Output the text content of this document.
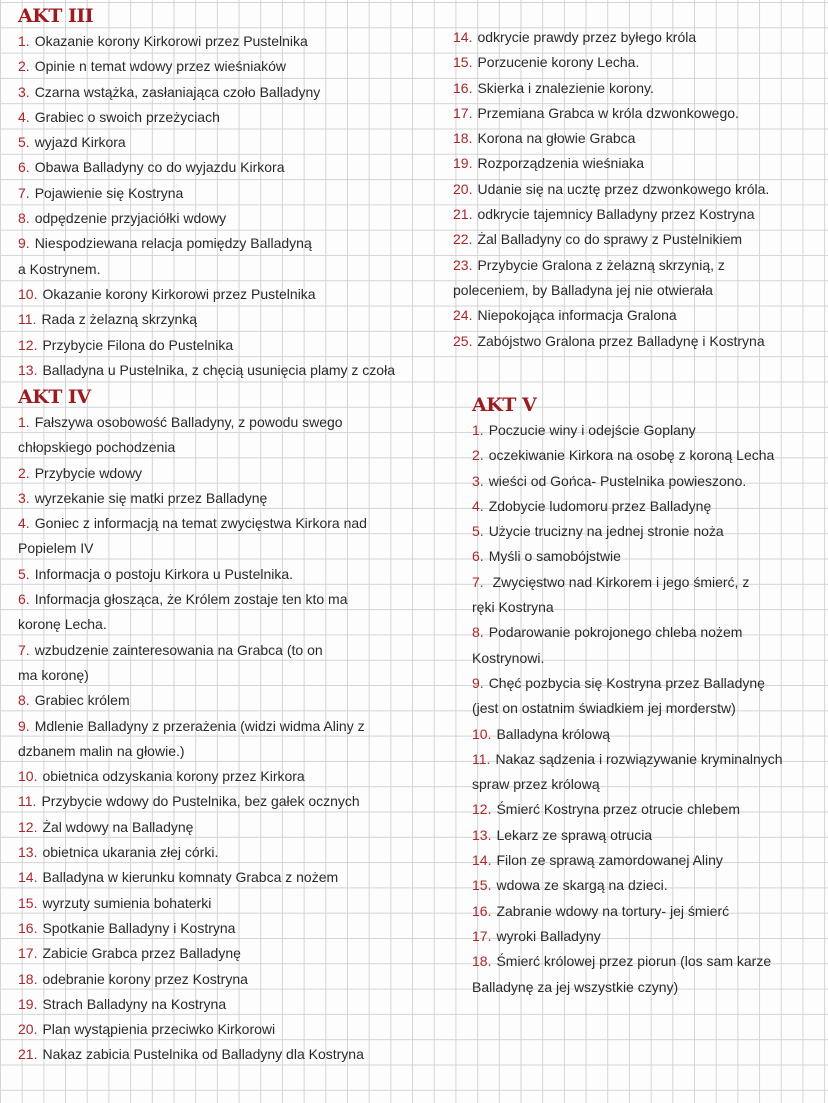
AKT III
1. Okazanie korony Kirkorowi przez Pustelnika
2. Opinie n temat wdowy przez wieśniaków
3. Czarna wstążka, zasłaniająca czoło Balladyny
4. Grabiec o swoich przeżyciach
5. wyjazd Kirkora
6. Obawa Balladyny co do wyjazdu Kirkora
7. Pojawienie się Kostryna
8. odpędzenie przyjaciółki wdowy
9. Niespodziewana relacja pomiędzy Balladyną
a Kostrynem.
10. Okazanie korony Kirkorowi przez Pustelnika
11. Rada z żelazną skrzynką
12. Przybycie Filona do Pustelnika
13. Balladyna u Pustelnika, z chęcią usunięcia plamy z czoła
14. odkrycie prawdy przez byłego króla
15. Porzucenie korony Lecha.
16. Skierka i znalezienie korony.
17. Przemiana Grabca w króla dzwonkowego.
18. Korona na głowie Grabca
19. Rozporządzenia wieśniaka
20. Udanie się na ucztę przez dzwonkowego króla.
21. odkrycie tajemnicy Balladyny przez Kostryna
22. Żal Balladyny co do sprawy z Pustelnikiem
23. Przybycie Gralona z żelazną skrzynią, z
poleceniem, by Balladyna jej nie otwierała
24. Niepokojąca informacja Gralona
25. Zabójstwo Gralona przez Balladynę i Kostryna
AKT IV
1. Fałszywa osobowość Balladyny, z powodu swego
chłopskiego pochodzenia
2. Przybycie wdowy
3. wyrzekanie się matki przez Balladynę
4. Goniec z informacją na temat zwycięstwa Kirkora nad
Popielem IV
5. Informacja o postoju Kirkora u Pustelnika.
6. Informacja głosząca, że Królem zostaje ten kto ma
koronę Lecha.
7. wzbudzenie zainteresowania na Grabca (to on
ma koronę)
8. Grabiec królem
9. Mdlenie Balladyny z przerażenia (widzi widma Aliny z
dzbanem malin na głowie.)
10. obietnica odzyskania korony przez Kirkora
11. Przybycie wdowy do Pustelnika, bez gałek ocznych
12. Żal wdowy na Balladynę
13. obietnica ukarania złej córki.
14. Balladyna w kierunku komnaty Grabca z nożem
15. wyrzuty sumienia bohaterki
16. Spotkanie Balladyny i Kostryna
17. Zabicie Grabca przez Balladynę
18. odebranie korony przez Kostryna
19. Strach Balladyny na Kostryna
20. Plan wystąpienia przeciwko Kirkorowi
21. Nakaz zabicia Pustelnika od Balladyny dla Kostryna
AKT V
1. Poczucie winy i odejście Goplany
2. oczekiwanie Kirkora na osobę z koroną Lecha
3. wieści od Gońca- Pustelnika powieszono.
4. Zdobycie ludomoru przez Balladynę
5. Użycie trucizny na jednej stronie noża
6. Myśli o samobójstwie
7. Zwycięstwo nad Kirkorem i jego śmierć, z
ręki Kostryna
8. Podarowanie pokrojonego chleba nożem
Kostrynowi.
9. Chęć pozbycia się Kostryna przez Balladynę
(jest on ostatnim świadkiem jej morderstw)
10. Balladyna królową
11. Nakaz sądzenia i rozwiązywanie kryminalnych
spraw przez królową
12. Śmierć Kostryna przez otrucie chlebem
13. Lekarz ze sprawą otrucia
14. Filon ze sprawą zamordowanej Aliny
15. wdowa ze skargą na dzieci.
16. Zabranie wdowy na tortury- jej śmierć
17. wyroki Balladyny
18. Śmierć królowej przez piorun (los sam karze
Balladynę za jej wszystkie czyny)
